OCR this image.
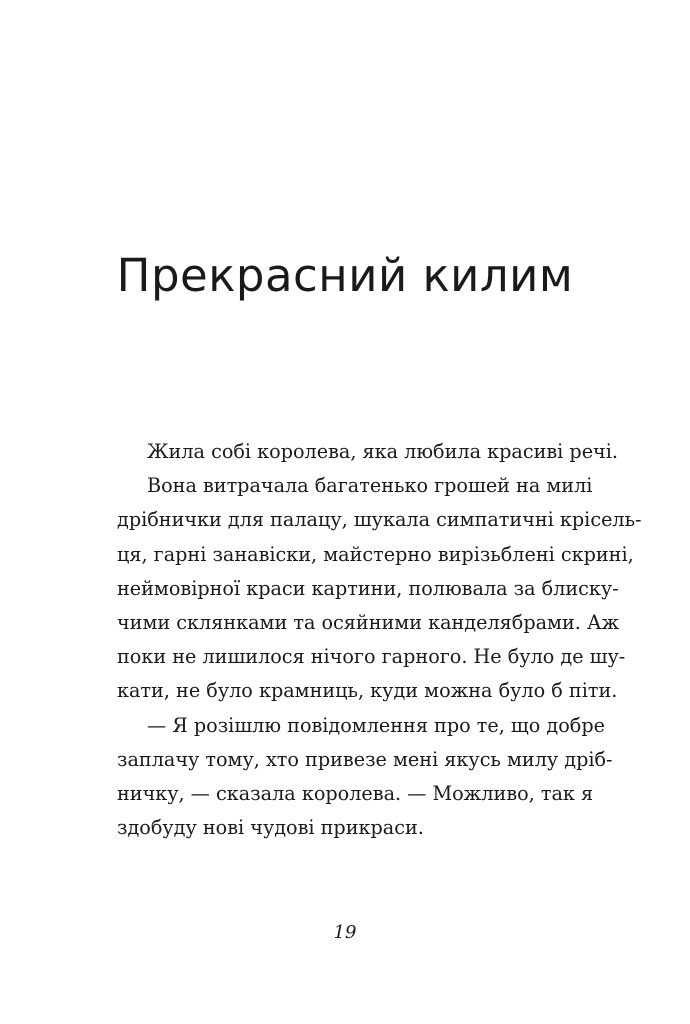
Прекрасний килим
Жила собі королева, яка любила красиві речі.
Вона витрачала багатенько грошей на милі
дрібнички для палацу, шукала симпатичні крісель-
ця, гарні занавіски, майстерно вирізьблені скрині,
неймовірної краси картини, полювала за блиску-
чими склянками та осяйними канделябрами. Аж
поки не лишилося нічого гарного. Не було де шу-
кати, не було крамниць, куди можна було б піти.
— Я розішлю повідомлення про те, що добре
заплачу тому, хто привезе мені якусь милу дріб-
ничку, — сказала королева. — Можливо, так я
здобуду нові чудові прикраси.
19
